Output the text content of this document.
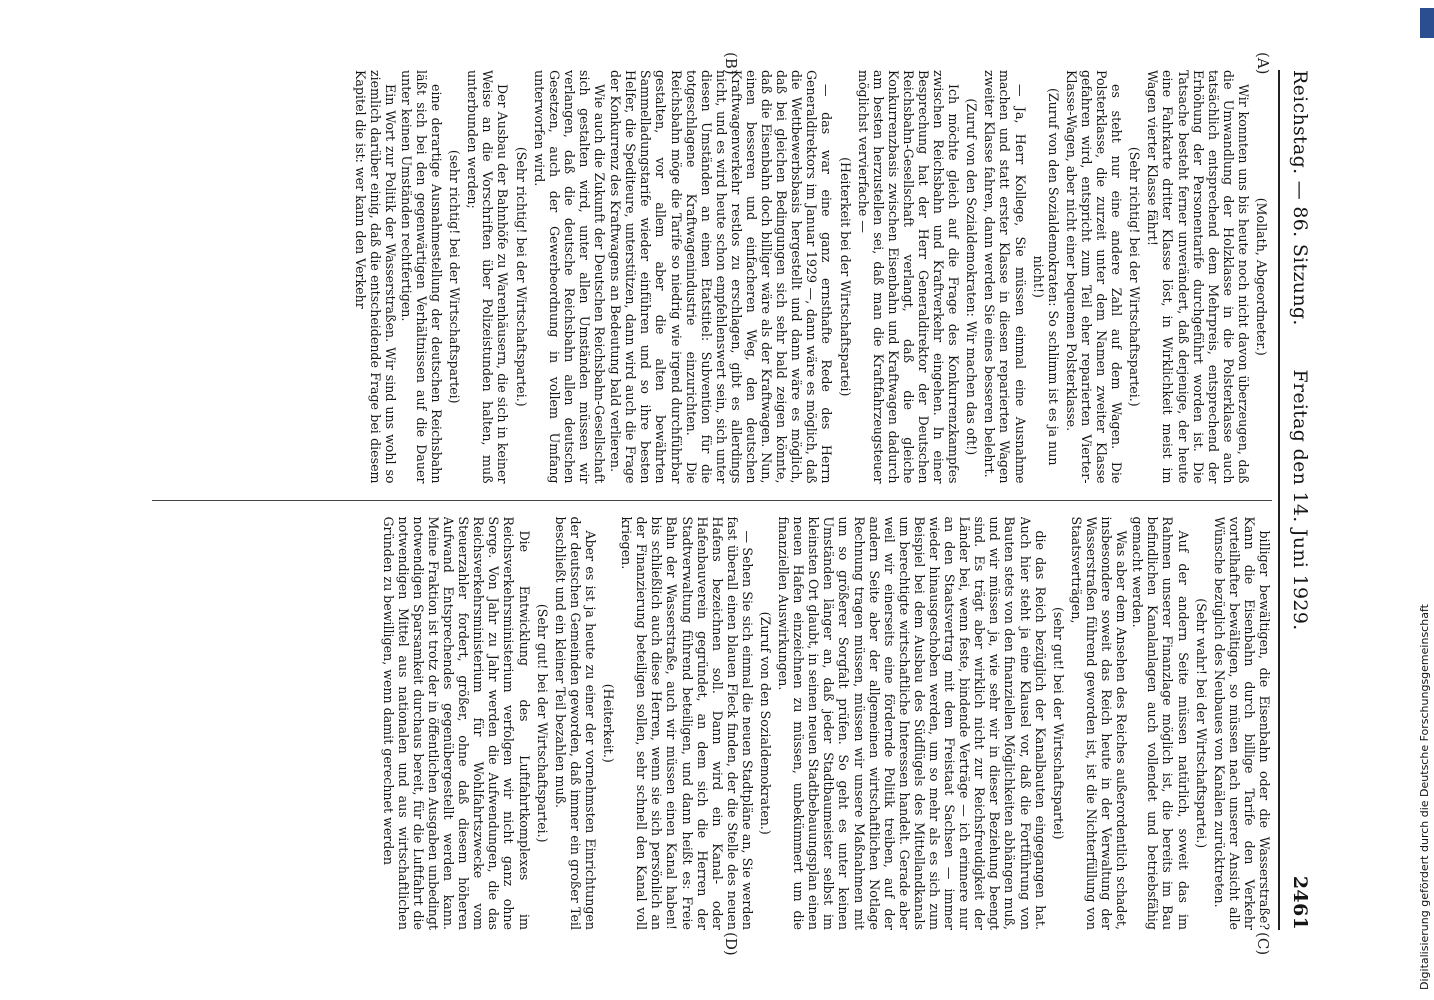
Reichstag. — 86. Sitzung.
Freitag den 14. Juni 1929.
2461

(Mollath, Abgeordneter.)

Wir konnten uns bis heute noch nicht davon überzeugen, daß die Umwandlung der Holzklasse in die Polsterklasse auch tatsächlich entsprechend dem Mehrpreis, entsprechend der Erhöhung der Personentarife durchgeführt worden ist. Die Tatsache besteht ferner unverändert, daß derjenige, der heute eine Fahrkarte dritter Klasse löst, in Wirklichkeit meist im Wagen vierter Klasse fährt!

(Sehr richtig! bei der Wirtschaftspartei.)

es steht nur eine andere Zahl auf dem Wagen. Die Polsterklasse, die zurzeit unter dem Namen zweiter Klasse gefahren wird, entspricht zum Teil eher reparierten Vierter-Klasse-Wagen, aber nicht einer bequemen Polsterklasse.

(Zuruf von den Sozialdemokraten: So schlimm ist es ja nun nicht!)

— Ja, Herr Kollege, Sie müssen einmal eine Ausnahme machen und statt erster Klasse in diesen reparierten Wagen zweiter Klasse fahren, dann werden Sie eines besseren belehrt.

(Zuruf von den Sozialdemokraten: Wir machen das oft!)

Ich möchte gleich auf die Frage des Konkurrenzkampfes zwischen Reichsbahn und Kraftverkehr eingehen. In einer Besprechung hat der Herr Generaldirektor der Deutschen Reichsbahn-Gesellschaft verlangt, daß die gleiche Konkurrenzbasis zwischen Eisenbahn und Kraftwagen dadurch am besten herzustellen sei, daß man die Kraftfahrzeugsteuer möglichst vervierfache —

(Heiterkeit bei der Wirtschaftspartei)

— das war eine ganz ernsthafte Rede des Herrn Generaldirektors im Januar 1929 —, dann wäre es möglich, daß die Wettbewerbsbasis hergestellt und dann wäre es möglich, daß bei gleichen Bedingungen sich sehr bald zeigen könnte, daß die Eisenbahn doch billiger wäre als der Kraftwagen. Nun, einen besseren und einfacheren Weg, den deutschen Kraftwagenverkehr restlos zu erschlagen, gibt es allerdings nicht, und es wird heute schon empfehlenswert sein, sich unter diesen Umständen an einen Etatstitel: Subvention für die totgeschlagene Kraftwagenindustrie einzurichten. Die Reichsbahn möge die Tarife so niedrig wie irgend durchführbar gestalten, vor allem aber die alten bewährten Sammelladungstarife wieder einführen und so ihre besten Helfer, die Spediteure, unterstützen, dann wird auch die Frage der Konkurrenz des Kraftwagens an Bedeutung bald verlieren.

Wie auch die Zukunft der Deutschen Reichsbahn-Gesellschaft sich gestalten wird, unter allen Umständen müssen wir verlangen, daß die deutsche Reichsbahn allen deutschen Gesetzen, auch der Gewerbeordnung in vollem Umfang unterworfen wird.

(Sehr richtig! bei der Wirtschaftspartei.)

Der Ausbau der Bahnhöfe zu Warenhäusern, die sich in keiner Weise an die Vorschriften über Polizeistunden halten, muß unterbunden werden;

(sehr richtig! bei der Wirtschaftspartei)

eine derartige Ausnahmestellung der deutschen Reichsbahn läßt sich bei den gegenwärtigen Verhältnissen auf die Dauer unter keinen Umständen rechtfertigen.

Ein Wort zur Politik der Wasserstraßen. Wir sind uns wohl so ziemlich darüber einig, daß die entscheidende Frage bei diesem Kapitel die ist: wer kann den Verkehr

billiger bewältigen, die Eisenbahn oder die Wasserstraße? Kann die Eisenbahn durch billige Tarife den Verkehr vorteilhafter bewältigen, so müssen nach unserer Ansicht alle Wünsche bezüglich des Neubaues von Kanälen zurücktreten.

(Sehr wahr! bei der Wirtschaftspartei.)

Auf der andern Seite müssen natürlich, soweit das im Rahmen unserer Finanzlage möglich ist, die bereits im Bau befindlichen Kanalanlagen auch vollendet und betriebsfähig gemacht werden.

Was aber dem Ansehen des Reiches außerordentlich schadet, insbesondere soweit das Reich heute in der Verwaltung der Wasserstraßen führend geworden ist, ist die Nichterfüllung von Staatsverträgen,

(sehr gut! bei der Wirtschaftspartei)

die das Reich bezüglich der Kanalbauten eingegangen hat. Auch hier steht ja eine Klausel vor, daß die Fortführung von Bauten stets von den finanziellen Möglichkeiten abhängen muß, und wir müssen ja, wie sehr wir in dieser Beziehung beengt sind. Es trägt aber wirklich nicht zur Reichsfreudigkeit der Länder bei, wenn feste, bindende Verträge — ich erinnere nur an den Staatsvertrag mit dem Freistaat Sachsen — immer wieder hinausgeschoben werden, um so mehr als es sich zum Beispiel bei dem Ausbau des Südflügels des Mittellandkanals um berechtigte wirtschaftliche Interessen handelt. Gerade aber weil wir einerseits eine fördernde Politik treiben, auf der andern Seite aber der allgemeinen wirtschaftlichen Notlage Rechnung tragen müssen, müssen wir unsere Maßnahmen mit um so größerer Sorgfalt prüfen. So geht es unter keinen Umständen länger an, daß jeder Stadtbaumeister selbst im kleinsten Ort glaubt, in seinen neuen Stadtbebauungsplan einen neuen Hafen einzeichnen zu müssen, unbekümmert um die finanziellen Auswirkungen.

(Zuruf von den Sozialdemokraten.)

— Sehen Sie sich einmal die neuen Stadtpläne an, Sie werden fast überall einen blauen Fleck finden, der die Stelle des neuen Hafens bezeichnen soll. Dann wird ein Kanal- oder Hafenbauverein gegründet, an dem sich die Herren der Stadtverwaltung führend beteiligen, und dann heißt es: Freie Bahn der Wasserstraße, auch wir müssen einen Kanal haben! bis schließlich auch diese Herren, wenn sie sich persönlich an der Finanzierung beteiligen sollen, sehr schnell den Kanal voll kriegen.

(Heiterkeit.)

Aber es ist ja heute zu einer der vornehmsten Einrichtungen der deutschen Gemeinden geworden, daß immer ein großer Teil beschließt und ein kleiner Teil bezahlen muß.

(Sehr gut! bei der Wirtschaftspartei.)

Die Entwicklung des Luftfahrtkomplexes im Reichsverkehrsministerium verfolgen wir nicht ganz ohne Sorge. Von Jahr zu Jahr werden die Aufwendungen, die das Reichsverkehrsministerium für Wohlfahrtszwecke vom Steuerzahler fordert, größer, ohne daß diesem höheren Aufwand Entsprechendes gegenübergestellt werden kann. Meine Fraktion ist trotz der in öffentlichen Ausgaben unbedingt notwendigen Sparsamkeit durchaus bereit, für die Luftfahrt die notwendigen Mittel aus nationalen und aus wirtschaftlichen Gründen zu bewilligen, wenn damit gerechnet werden

(A)
(B)
(C)
(D)	Digitalisierung gefördert durch die Deutsche Forschungsgemeinschaft
